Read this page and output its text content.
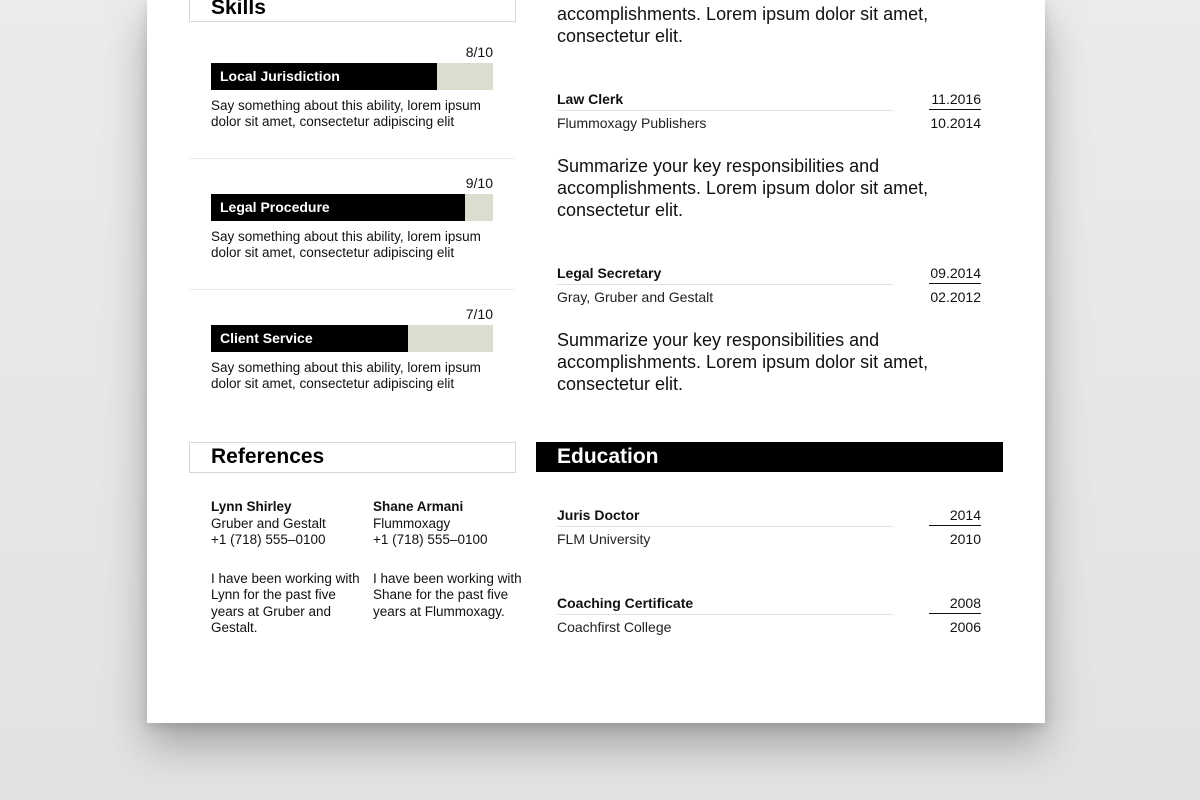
Skills
8/10
Local Jurisdiction
Say something about this ability, lorem ipsum dolor sit amet, consectetur adipiscing elit
9/10
Legal Procedure
Say something about this ability, lorem ipsum dolor sit amet, consectetur adipiscing elit
7/10
Client Service
Say something about this ability, lorem ipsum dolor sit amet, consectetur adipiscing elit
References
Lynn Shirley
Gruber and Gestalt
+1 (718) 555–0100
I have been working with Lynn for the past five years at Gruber and Gestalt.
Shane Armani
Flummoxagy
+1 (718) 555–0100
I have been working with Shane for the past five years at Flummoxagy.
accomplishments. Lorem ipsum dolor sit amet, consectetur elit.
Law Clerk
Flummoxagy Publishers
11.2016
10.2014
Summarize your key responsibilities and accomplishments. Lorem ipsum dolor sit amet, consectetur elit.
Legal Secretary
Gray, Gruber and Gestalt
09.2014
02.2012
Summarize your key responsibilities and accomplishments. Lorem ipsum dolor sit amet, consectetur elit.
Education
Juris Doctor
FLM University
2014
2010
Coaching Certificate
Coachfirst College
2008
2006
